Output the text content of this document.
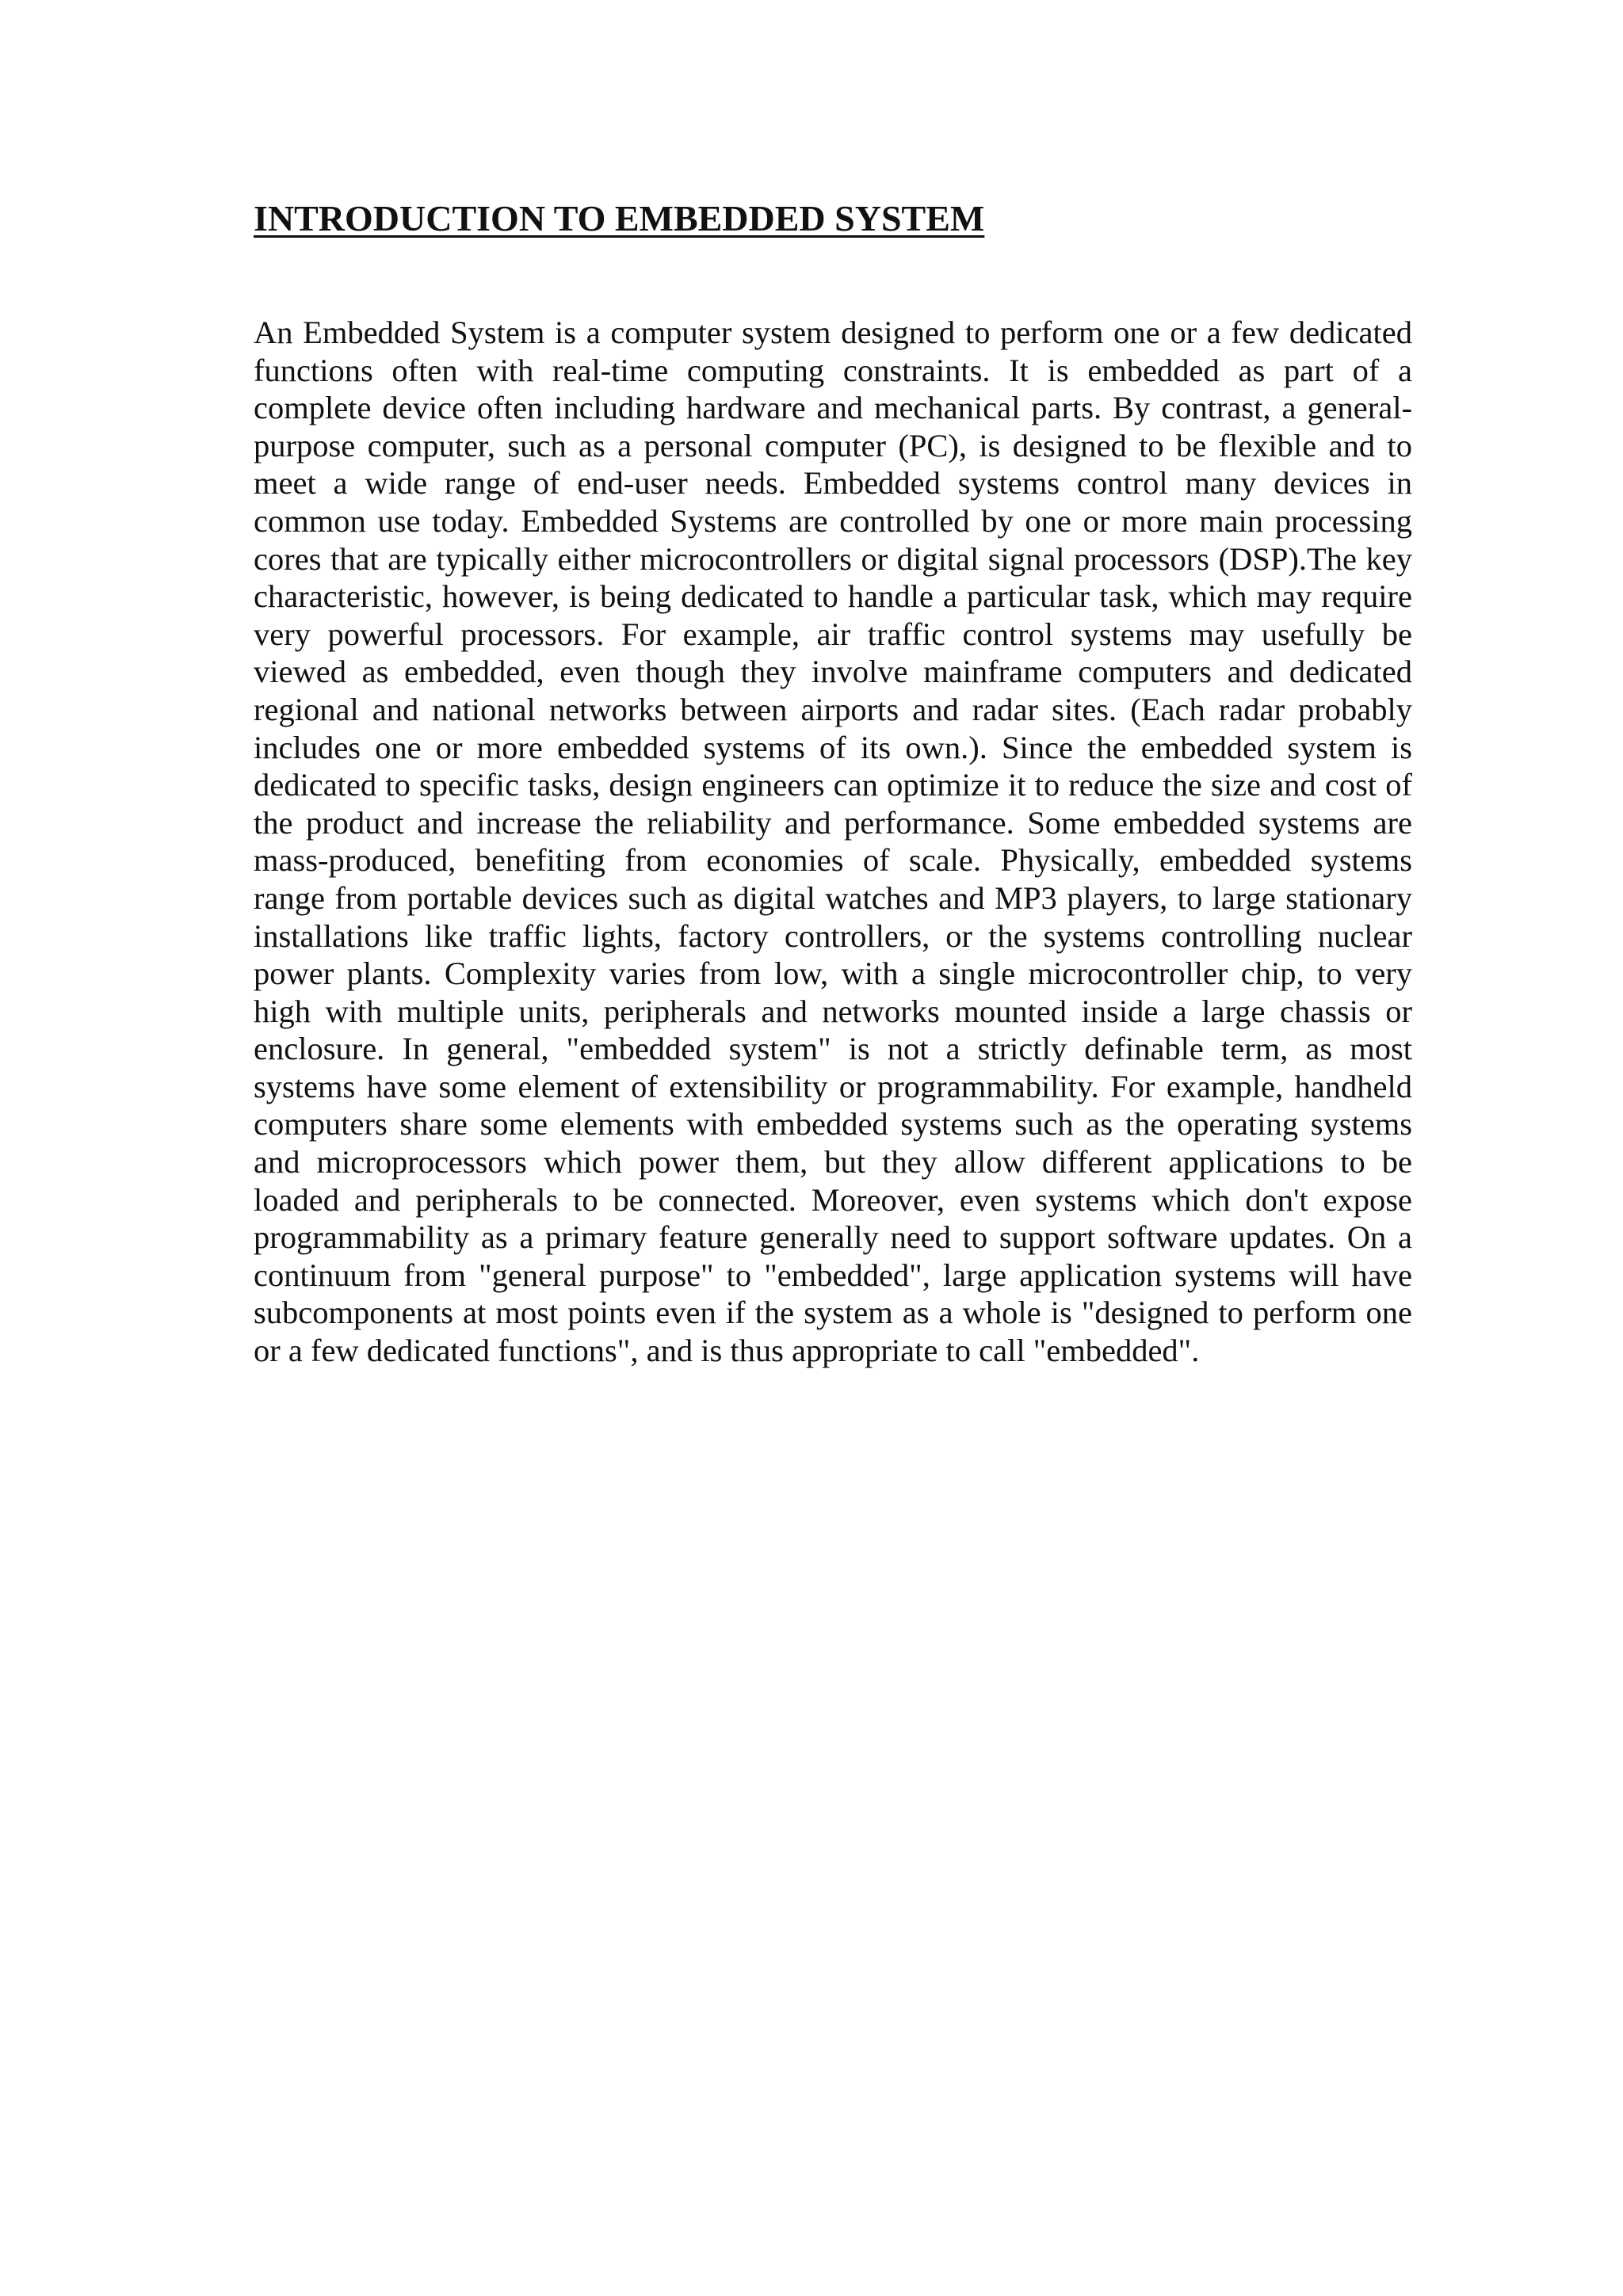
INTRODUCTION TO EMBEDDED SYSTEM
An Embedded System is a computer system designed to perform one or a few dedicated
functions often with real-time computing constraints. It is embedded as part of a
complete device often including hardware and mechanical parts. By contrast, a general-
purpose computer, such as a personal computer (PC), is designed to be flexible and to
meet a wide range of end-user needs. Embedded systems control many devices in
common use today. Embedded Systems are controlled by one or more main processing
cores that are typically either microcontrollers or digital signal processors (DSP).The key
characteristic, however, is being dedicated to handle a particular task, which may require
very powerful processors. For example, air traffic control systems may usefully be
viewed as embedded, even though they involve mainframe computers and dedicated
regional and national networks between airports and radar sites. (Each radar probably
includes one or more embedded systems of its own.). Since the embedded system is
dedicated to specific tasks, design engineers can optimize it to reduce the size and cost of
the product and increase the reliability and performance. Some embedded systems are
mass-produced, benefiting from economies of scale. Physically, embedded systems
range from portable devices such as digital watches and MP3 players, to large stationary
installations like traffic lights, factory controllers, or the systems controlling nuclear
power plants. Complexity varies from low, with a single microcontroller chip, to very
high with multiple units, peripherals and networks mounted inside a large chassis or
enclosure. In general, "embedded system" is not a strictly definable term, as most
systems have some element of extensibility or programmability. For example, handheld
computers share some elements with embedded systems such as the operating systems
and microprocessors which power them, but they allow different applications to be
loaded and peripherals to be connected. Moreover, even systems which don't expose
programmability as a primary feature generally need to support software updates. On a
continuum from "general purpose" to "embedded", large application systems will have
subcomponents at most points even if the system as a whole is "designed to perform one
or a few dedicated functions", and is thus appropriate to call "embedded".
